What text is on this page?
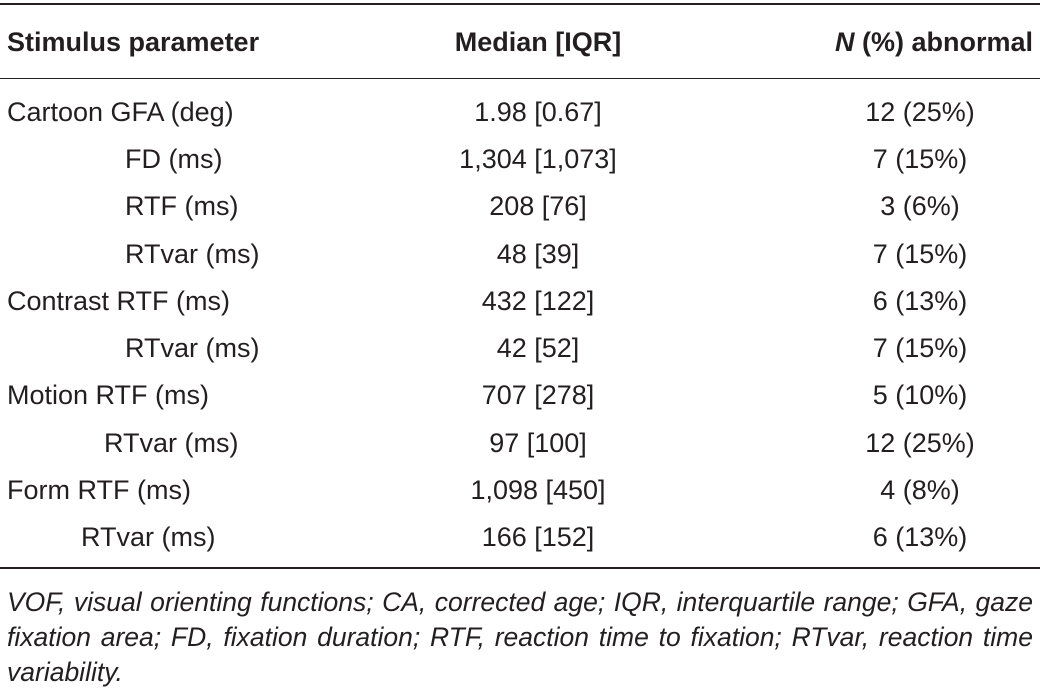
Stimulus parameter	Median [IQR]	N (%) abnormal
Cartoon GFA (deg)	1.98 [0.67]	12 (25%)
FD (ms)	1,304 [1,073]	7 (15%)
RTF (ms)	208 [76]	3 (6%)
RTvar (ms)	48 [39]	7 (15%)
Contrast RTF (ms)	432 [122]	6 (13%)
RTvar (ms)	42 [52]	7 (15%)
Motion RTF (ms)	707 [278]	5 (10%)
RTvar (ms)	97 [100]	12 (25%)
Form RTF (ms)	1,098 [450]	4 (8%)
RTvar (ms)	166 [152]	6 (13%)
VOF, visual orienting functions; CA, corrected age; IQR, interquartile range; GFA, gaze fixation area; FD, fixation duration; RTF, reaction time to fixation; RTvar, reaction time variability.
